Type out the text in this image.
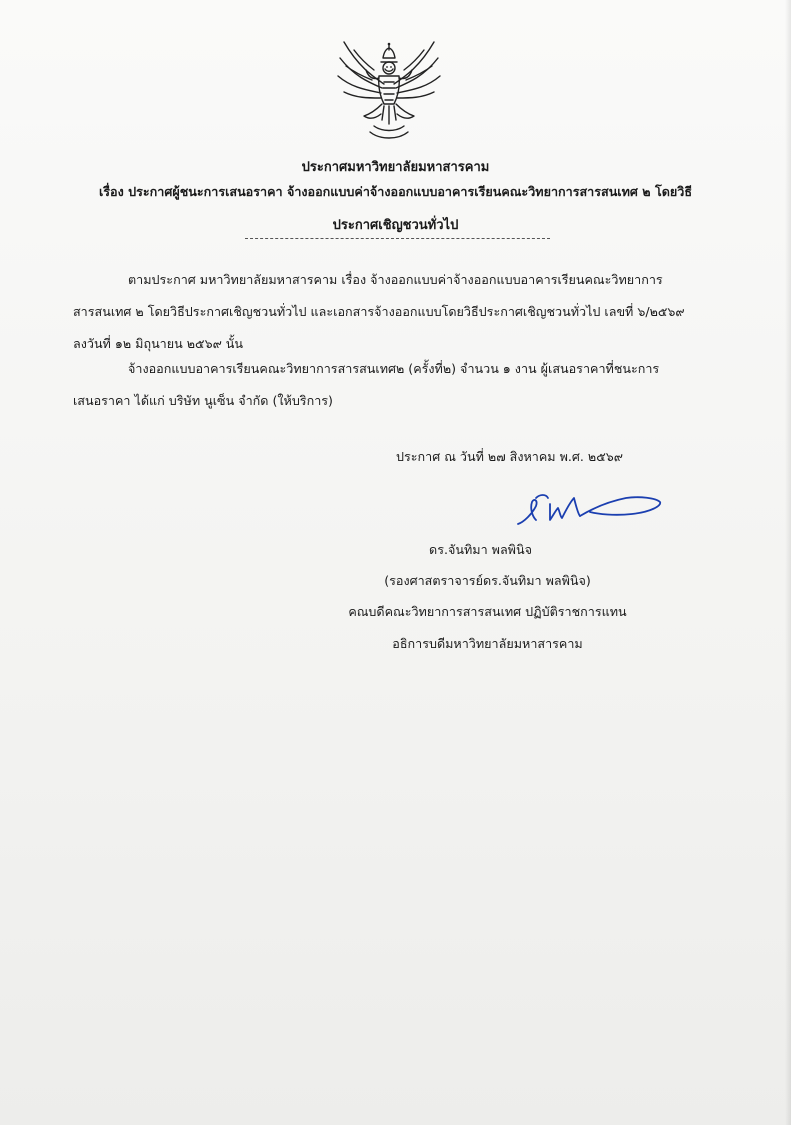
ประกาศมหาวิทยาลัยมหาสารคาม
เรื่อง ประกาศผู้ชนะการเสนอราคา จ้างออกแบบค่าจ้างออกแบบอาคารเรียนคณะวิทยาการสารสนเทศ ๒ โดยวิธี
ประกาศเชิญชวนทั่วไป
ตามประกาศ มหาวิทยาลัยมหาสารคาม เรื่อง จ้างออกแบบค่าจ้างออกแบบอาคารเรียนคณะวิทยาการ
สารสนเทศ ๒ โดยวิธีประกาศเชิญชวนทั่วไป และเอกสารจ้างออกแบบโดยวิธีประกาศเชิญชวนทั่วไป เลขที่ ๖/๒๕๖๙
ลงวันที่ ๑๒ มิถุนายน ๒๕๖๙ นั้น
จ้างออกแบบอาคารเรียนคณะวิทยาการสารสนเทศ๒ (ครั้งที่๒) จำนวน ๑ งาน ผู้เสนอราคาที่ชนะการ
เสนอราคา ได้แก่ บริษัท นูเซ็น จำกัด (ให้บริการ)
ประกาศ ณ วันที่ ๒๗ สิงหาคม พ.ศ. ๒๕๖๙
ดร.จันทิมา พลพินิจ
(รองศาสตราจารย์ดร.จันทิมา พลพินิจ)
คณบดีคณะวิทยาการสารสนเทศ ปฏิบัติราชการแทน
อธิการบดีมหาวิทยาลัยมหาสารคาม
